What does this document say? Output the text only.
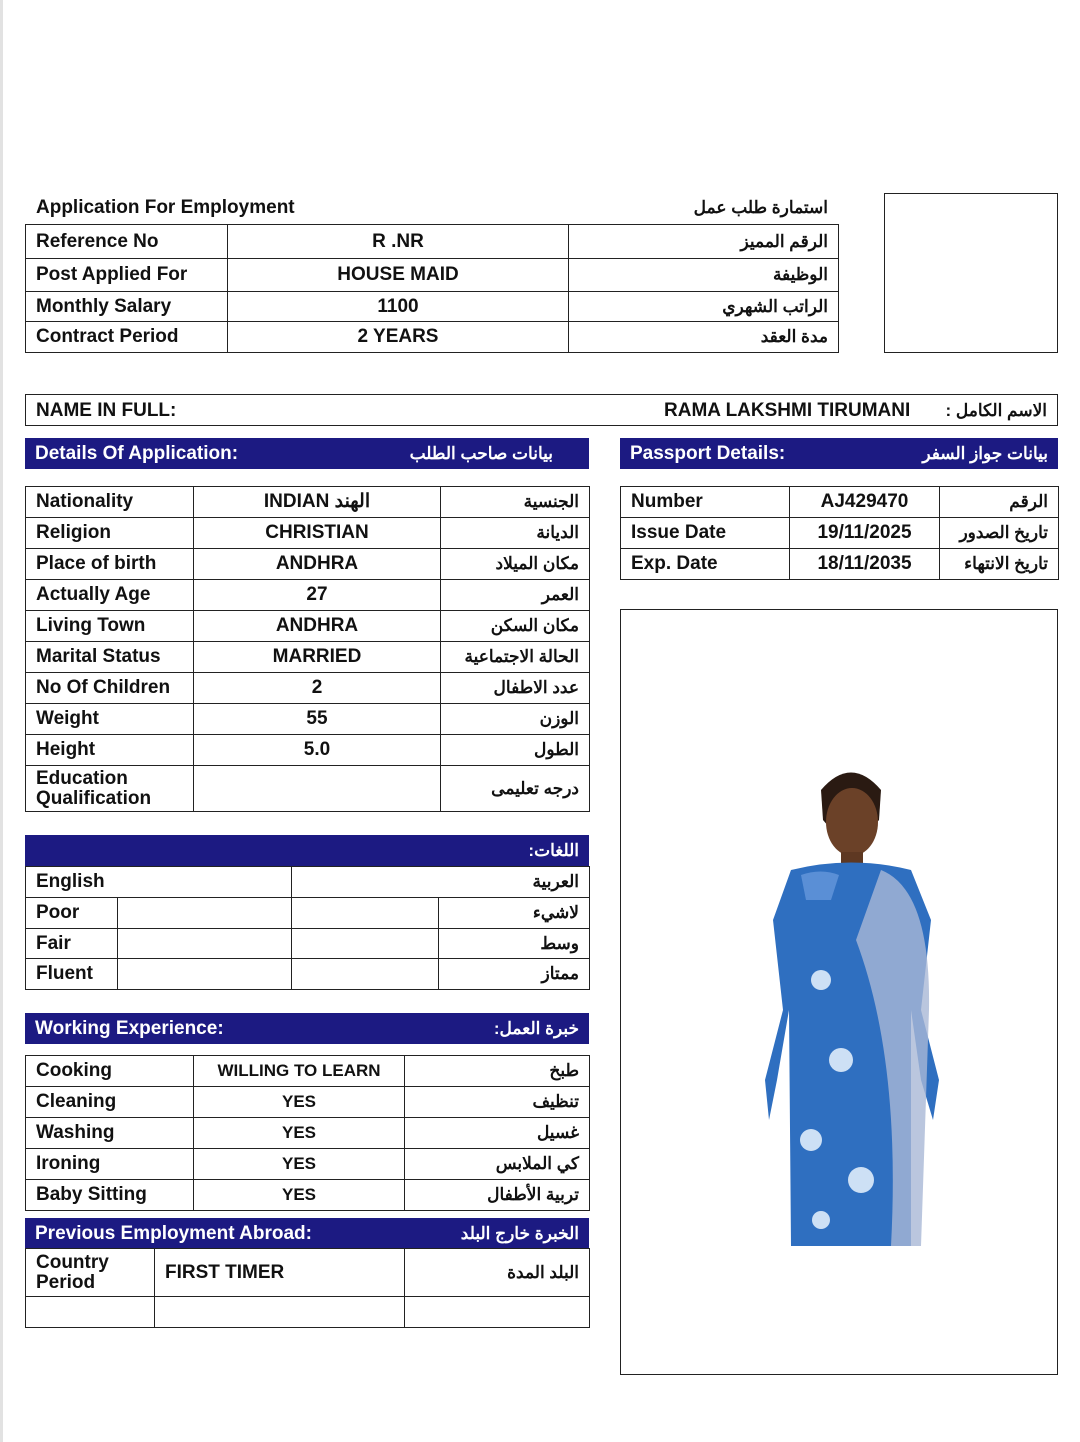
Application For Employment	استمارة طلب عمل
Reference No	R .NR	الرقم المميز
Post Applied For	HOUSE MAID	الوظيفة
Monthly Salary	1100	الراتب الشهري
Contract Period	2 YEARS	مدة العقد
NAME IN FULL:	RAMA LAKSHMI TIRUMANI الاسم الكامل :
Details Of Application:	بيانات صاحب الطلب	Passport Details:	بيانات جواز السفر
Nationality	INDIAN الهند	الجنسية
Religion	CHRISTIAN	الديانة
Place of birth	ANDHRA	مكان الميلاد
Actually Age	27	العمر
Living Town	ANDHRA	مكان السكن
Marital Status	MARRIED	الحالة الاجتماعية
No Of Children	2	عدد الاطفال
Weight	55	الوزن
Height	5.0	الطول
Education Qualification		درجه تعليمى
Number	AJ429470	الرقم
Issue Date	19/11/2025	تاريخ الصدور
Exp. Date	18/11/2035	تاريخ الانتهاء
اللغات:
English		العربية	
Poor			لاشيء
Fair			وسط
Fluent			ممتاز
Working Experience:	خبرة العمل:
Cooking	WILLING TO LEARN	طبخ
Cleaning	YES	تنظيف
Washing	YES	غسيل
Ironing	YES	كي الملابس
Baby Sitting	YES	تربية الأطفال
Previous Employment Abroad:	الخبرة خارج البلد
Country Period	FIRST TIMER	البلد المدة
